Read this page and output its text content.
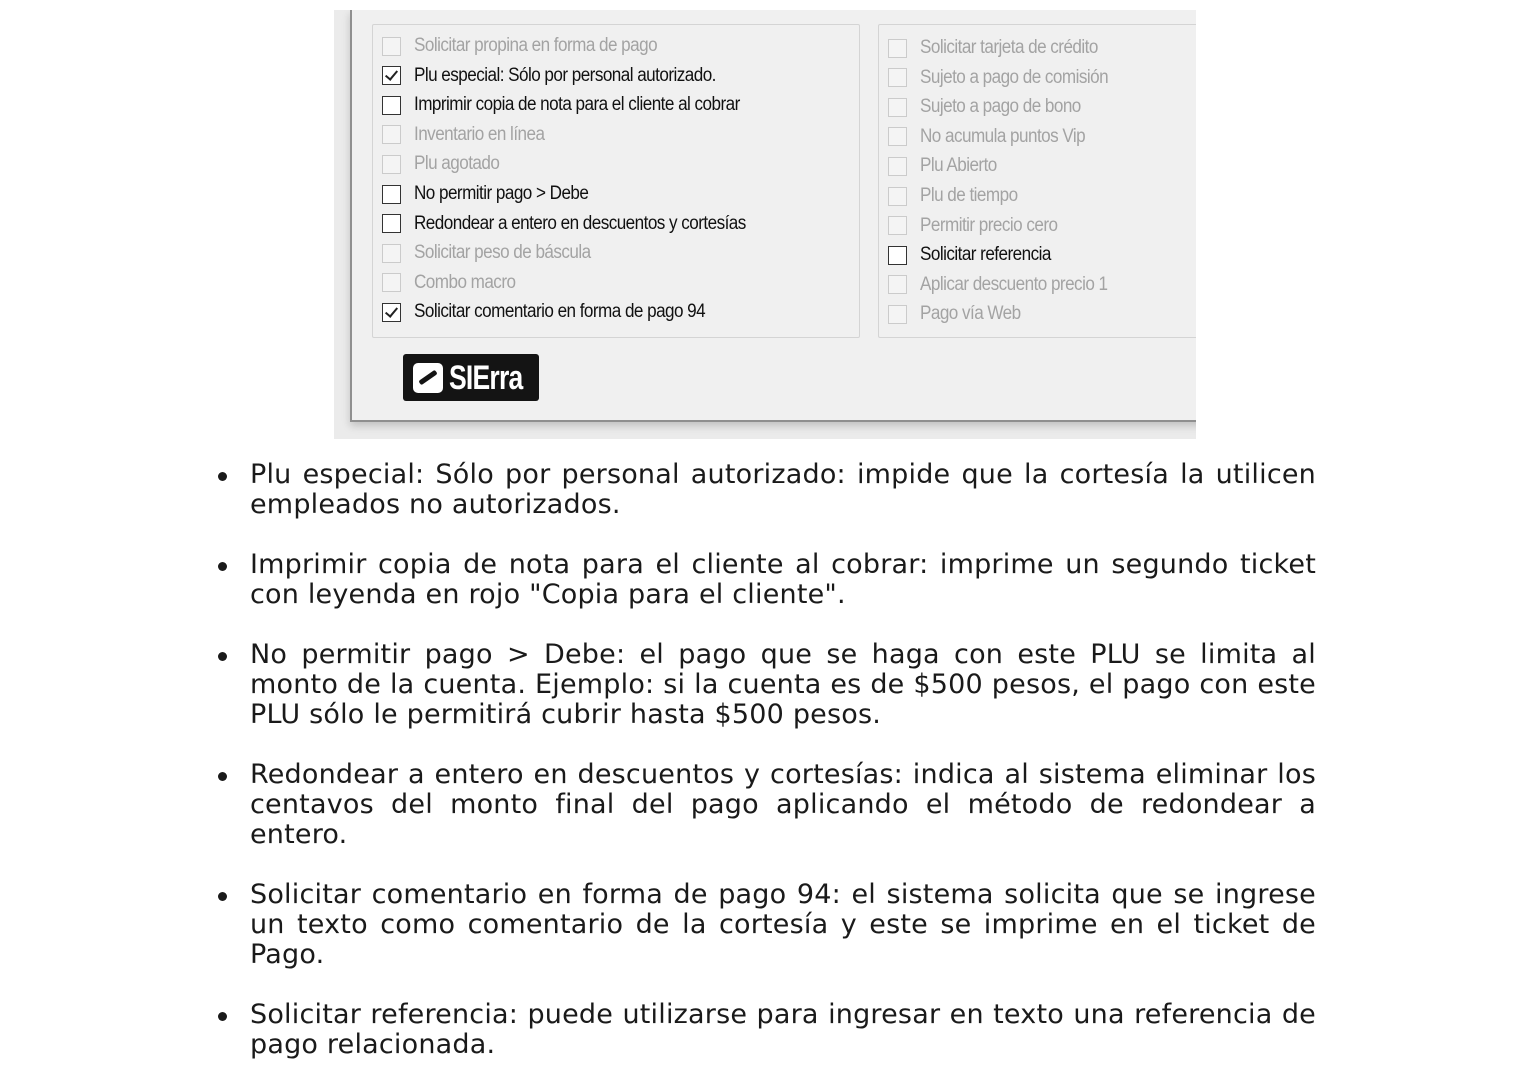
Solicitar propina en forma de pago
Plu especial: Sólo por personal autorizado.
Imprimir copia de nota para el cliente al cobrar
Inventario en línea
Plu agotado
No permitir pago > Debe
Redondear a entero en descuentos y cortesías
Solicitar peso de báscula
Combo macro
Solicitar comentario en forma de pago 94
Solicitar tarjeta de crédito
Sujeto a pago de comisión
Sujeto a pago de bono
No acumula puntos Vip
Plu Abierto
Plu de tiempo
Permitir precio cero
Solicitar referencia
Aplicar descuento precio 1
Pago vía Web
SIErra
Plu especial: Sólo por personal autorizado: impide que la cortesía la utilicen empleados no autorizados.
Imprimir copia de nota para el cliente al cobrar: imprime un segundo ticket con leyenda en rojo "Copia para el cliente".
No permitir pago > Debe: el pago que se haga con este PLU se limita al monto de la cuenta. Ejemplo: si la cuenta es de $500 pesos, el pago con este PLU sólo le permitirá cubrir hasta $500 pesos.
Redondear a entero en descuentos y cortesías: indica al sistema eliminar los centavos del monto final del pago aplicando el método de redondear a entero.
Solicitar comentario en forma de pago 94: el sistema solicita que se ingrese un texto como comentario de la cortesía y este se imprime en el ticket de Pago.
Solicitar referencia: puede utilizarse para ingresar en texto una referencia de pago relacionada.
